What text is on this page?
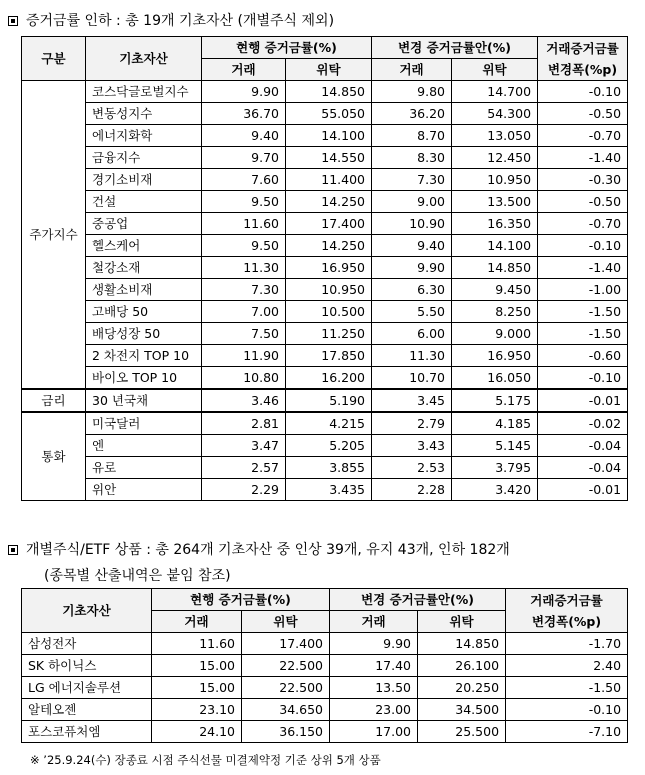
증거금률 인하 : 총 19개 기초자산 (개별주식 제외)
구분	기초자산	현행 증거금률(%)		변경 증거금률안(%)		거래증거금률
변경폭(%p)

		거래	위탁	거래	위탁	
주가지수	코스닥글로벌지수	9.90	14.850	9.80	14.700	-0.10
	변동성지수	36.70	55.050	36.20	54.300	-0.50
	에너지화학	9.40	14.100	8.70	13.050	-0.70
	금융지수	9.70	14.550	8.30	12.450	-1.40
	경기소비재	7.60	11.400	7.30	10.950	-0.30
	건설	9.50	14.250	9.00	13.500	-0.50
	중공업	11.60	17.400	10.90	16.350	-0.70
	헬스케어	9.50	14.250	9.40	14.100	-0.10
	철강소재	11.30	16.950	9.90	14.850	-1.40
	생활소비재	7.30	10.950	6.30	9.450	-1.00
	고배당 50	7.00	10.500	5.50	8.250	-1.50
	배당성장 50	7.50	11.250	6.00	9.000	-1.50
	2 차전지 TOP 10	11.90	17.850	11.30	16.950	-0.60
	바이오 TOP 10	10.80	16.200	10.70	16.050	-0.10
금리	30 년국채	3.46	5.190	3.45	5.175	-0.01
통화	미국달러	2.81	4.215	2.79	4.185	-0.02
	엔	3.47	5.205	3.43	5.145	-0.04
	유로	2.57	3.855	2.53	3.795	-0.04
	위안	2.29	3.435	2.28	3.420	-0.01
개별주식/ETF 상품 : 총 264개 기초자산 중 인상 39개, 유지 43개, 인하 182개
(종목별 산출내역은 붙임 참조)
기초자산	현행 증거금률(%)		변경 증거금률안(%)		거래증거금률
변경폭(%p)

	거래	위탁	거래	위탁	
삼성전자	11.60	17.400	9.90	14.850	-1.70
SK 하이닉스	15.00	22.500	17.40	26.100	2.40
LG 에너지솔루션	15.00	22.500	13.50	20.250	-1.50
알테오젠	23.10	34.650	23.00	34.500	-0.10
포스코퓨처엠	24.10	36.150	17.00	25.500	-7.10
※ ’25.9.24(수) 장종료 시점 주식선물 미결제약정 기준 상위 5개 상품
